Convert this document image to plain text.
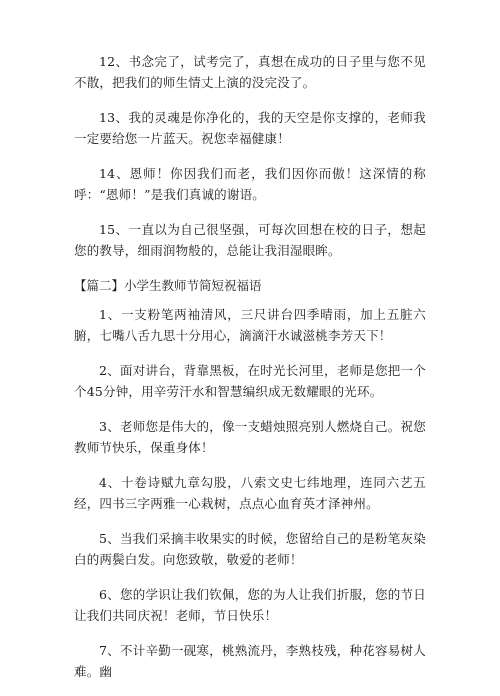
12、书念完了，试考完了，真想在成功的日子里与您不见不散，把我们的师生情丈上演的没完没了。

13、我的灵魂是你净化的，我的天空是你支撑的，老师我一定要给您一片蓝天。祝您幸福健康！

14、恩师！你因我们而老，我们因你而傲！这深情的称呼：“恩师！”是我们真诚的谢语。

15、一直以为自己很坚强，可每次回想在校的日子，想起您的教导，细雨润物般的，总能让我泪湿眼眸。

【篇二】小学生教师节简短祝福语

1、一支粉笔两袖清风，三尺讲台四季晴雨，加上五脏六腑，七嘴八舌九思十分用心，滴滴汗水诚滋桃李芳天下！

2、面对讲台，背靠黑板，在时光长河里，老师是您把一个个45分钟，用辛劳汗水和智慧编织成无数耀眼的光环。

3、老师您是伟大的，像一支蜡烛照亮别人燃烧自己。祝您教师节快乐，保重身体！

4、十卷诗赋九章勾股，八索文史七纬地理，连同六艺五经，四书三字两雅一心栽树，点点心血育英才泽神州。

5、当我们采摘丰收果实的时候，您留给自己的是粉笔灰染白的两鬓白发。向您致敬，敬爱的老师！

6、您的学识让我们钦佩，您的为人让我们折服，您的节日让我们共同庆祝！老师，节日快乐！

7、不计辛勤一砚寒，桃熟流丹，李熟枝残，种花容易树人难。幽
